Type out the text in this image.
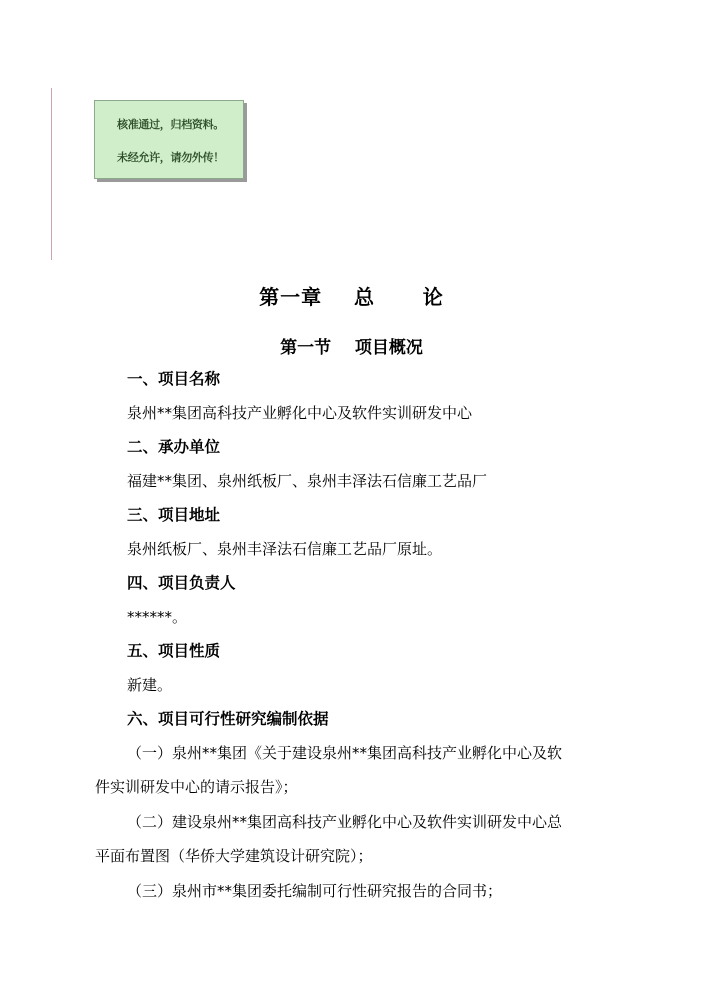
核准通过，归档资料。
未经允许，请勿外传！
第一章    总      论
第一节    项目概况
一、项目名称
泉州**集团高科技产业孵化中心及软件实训研发中心
二、承办单位
福建**集团、泉州纸板厂、泉州丰泽法石信廉工艺品厂
三、项目地址
泉州纸板厂、泉州丰泽法石信廉工艺品厂原址。
四、项目负责人
******。
五、项目性质
新建。
六、项目可行性研究编制依据
（一）泉州**集团《关于建设泉州**集团高科技产业孵化中心及软
件实训研发中心的请示报告》；
（二）建设泉州**集团高科技产业孵化中心及软件实训研发中心总
平面布置图（华侨大学建筑设计研究院）；
（三）泉州市**集团委托编制可行性研究报告的合同书；
